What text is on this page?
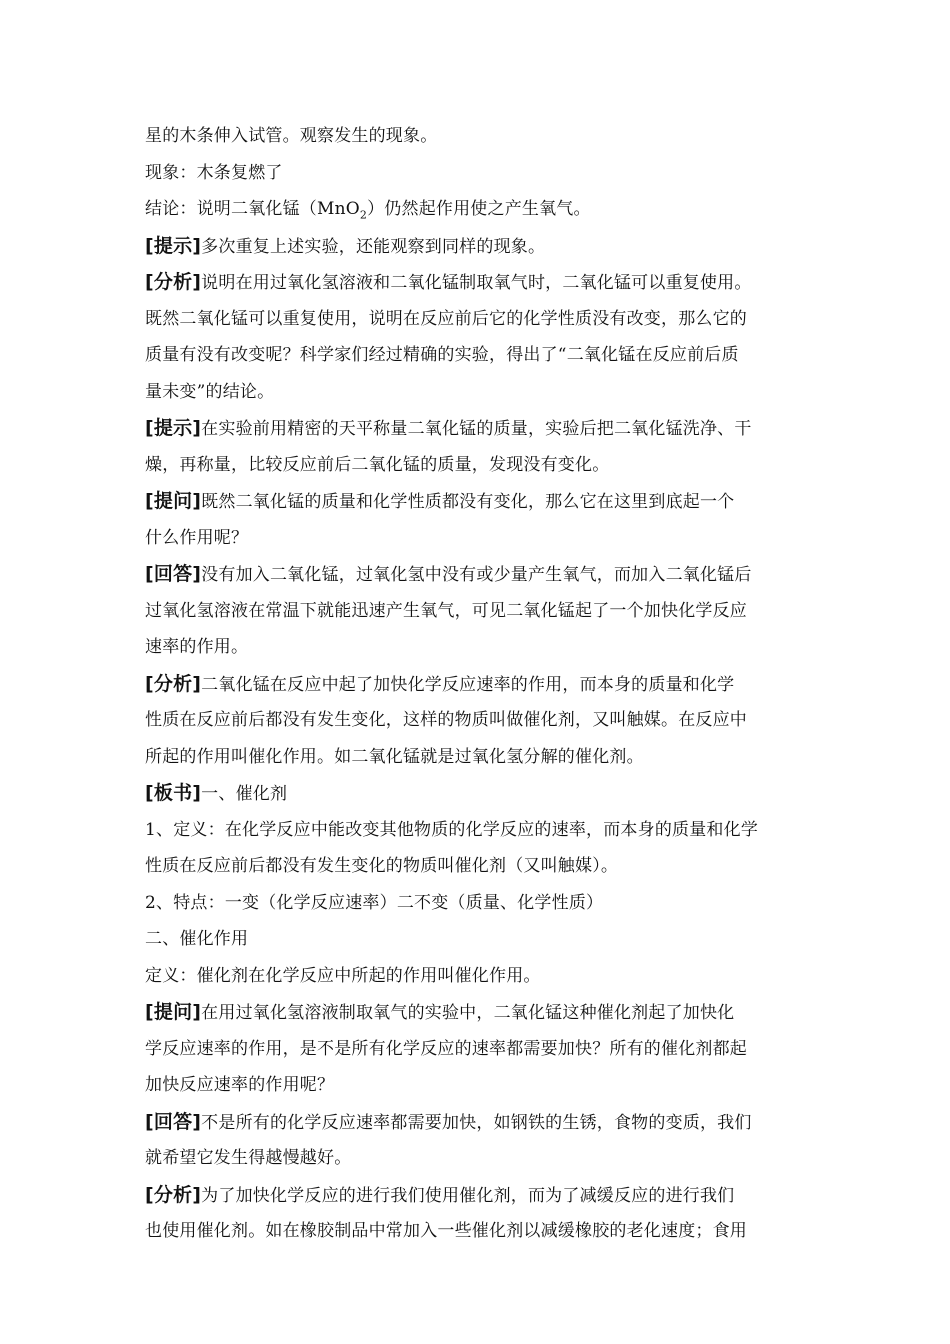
星的木条伸入试管。观察发生的现象。
现象：木条复燃了
结论：说明二氧化锰（MnO$_2$）仍然起作用使之产生氧气。
[提示]多次重复上述实验，还能观察到同样的现象。
[分析]说明在用过氧化氢溶液和二氧化锰制取氧气时，二氧化锰可以重复使用。
既然二氧化锰可以重复使用，说明在反应前后它的化学性质没有改变，那么它的
质量有没有改变呢？科学家们经过精确的实验，得出了“二氧化锰在反应前后质
量未变”的结论。
[提示]在实验前用精密的天平称量二氧化锰的质量，实验后把二氧化锰洗净、干
燥，再称量，比较反应前后二氧化锰的质量，发现没有变化。
[提问]既然二氧化锰的质量和化学性质都没有变化，那么它在这里到底起一个
什么作用呢？
[回答]没有加入二氧化锰，过氧化氢中没有或少量产生氧气，而加入二氧化锰后
过氧化氢溶液在常温下就能迅速产生氧气，可见二氧化锰起了一个加快化学反应
速率的作用。
[分析]二氧化锰在反应中起了加快化学反应速率的作用，而本身的质量和化学
性质在反应前后都没有发生变化，这样的物质叫做催化剂，又叫触媒。在反应中
所起的作用叫催化作用。如二氧化锰就是过氧化氢分解的催化剂。
[板书]一、催化剂
1、定义：在化学反应中能改变其他物质的化学反应的速率，而本身的质量和化学
性质在反应前后都没有发生变化的物质叫催化剂（又叫触媒）。
2、特点：一变（化学反应速率）二不变（质量、化学性质）
二、催化作用
定义：催化剂在化学反应中所起的作用叫催化作用。
[提问]在用过氧化氢溶液制取氧气的实验中，二氧化锰这种催化剂起了加快化
学反应速率的作用，是不是所有化学反应的速率都需要加快？所有的催化剂都起
加快反应速率的作用呢？
[回答]不是所有的化学反应速率都需要加快，如钢铁的生锈，食物的变质，我们
就希望它发生得越慢越好。
[分析]为了加快化学反应的进行我们使用催化剂，而为了减缓反应的进行我们
也使用催化剂。如在橡胶制品中常加入一些催化剂以减缓橡胶的老化速度；食用
